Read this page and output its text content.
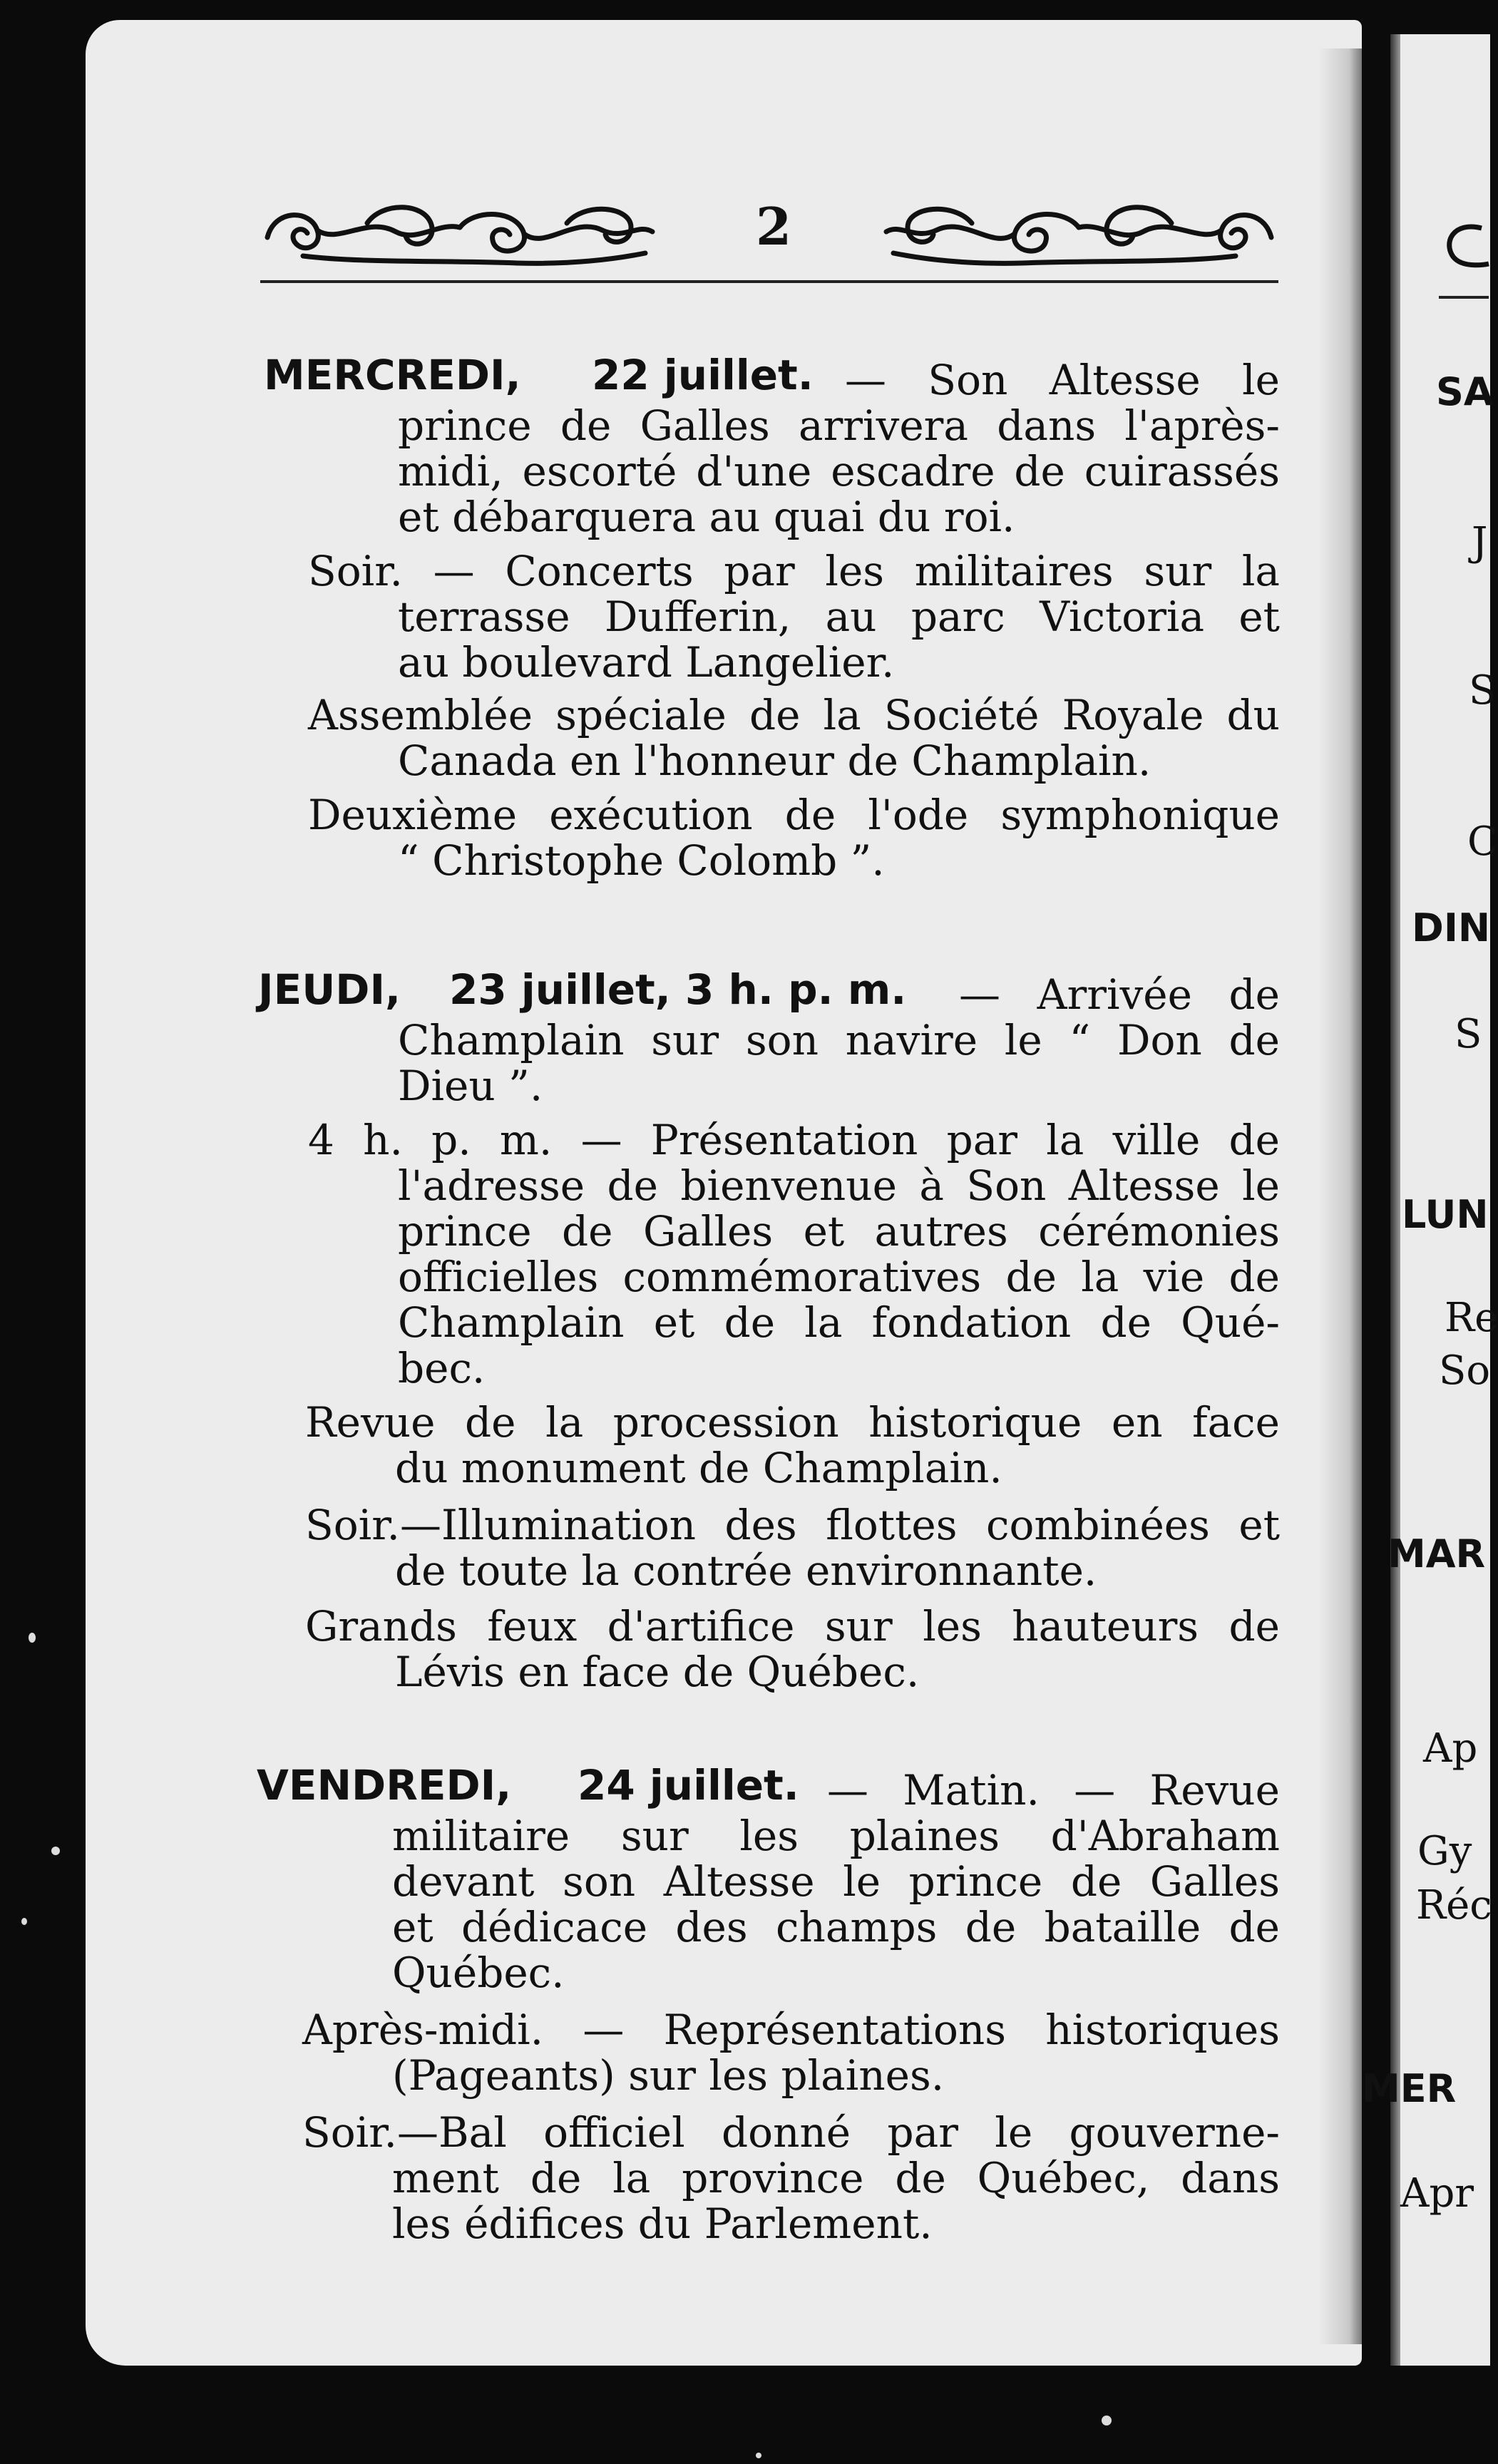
2
MERCREDI, 22 juillet. — Son Altesse le
prince de Galles arrivera dans l'après-
midi, escorté d'une escadre de cuirassés
et débarquera au quai du roi.
Soir. — Concerts par les militaires sur la
terrasse Dufferin, au parc Victoria et
au boulevard Langelier.
Assemblée spéciale de la Société Royale du
Canada en l'honneur de Champlain.
Deuxième exécution de l'ode symphonique
“ Christophe Colomb ”.
JEUDI, 23 juillet, 3 h. p. m. — Arrivée de
Champlain sur son navire le “ Don de
Dieu ”.
4 h. p. m. — Présentation par la ville de
l'adresse de bienvenue à Son Altesse le
prince de Galles et autres cérémonies
officielles commémoratives de la vie de
Champlain et de la fondation de Qué-
bec.
Revue de la procession historique en face
du monument de Champlain.
Soir.—Illumination des flottes combinées et
de toute la contrée environnante.
Grands feux d'artifice sur les hauteurs de
Lévis en face de Québec.
VENDREDI, 24 juillet. — Matin. — Revue
militaire sur les plaines d'Abraham
devant son Altesse le prince de Galles
et dédicace des champs de bataille de
Québec.
Après-midi. — Représentations historiques
(Pageants) sur les plaines.
Soir.—Bal officiel donné par le gouverne-
ment de la province de Québec, dans
les édifices du Parlement.
SA
J
S
C
DIN
S
LUN
Re
So
MAR
Ap
Gy
Réc
MER
Apr
